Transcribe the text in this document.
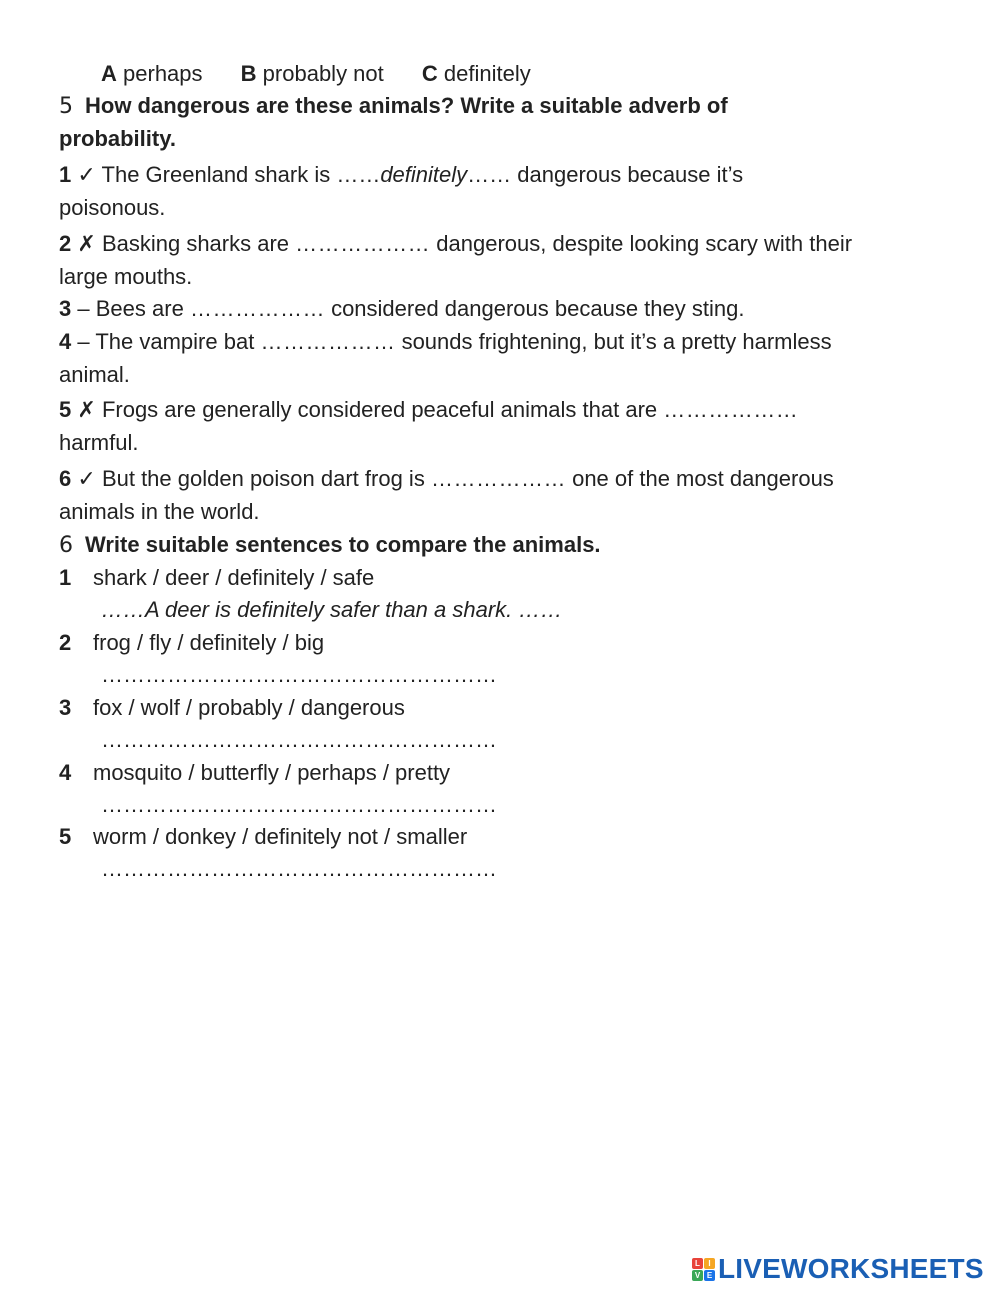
A perhaps B probably not C definitely
5 How dangerous are these animals? Write a suitable adverb of
probability.
1 ✓ The Greenland shark is ……definitely…… dangerous because it’s
poisonous.
2 ✗ Basking sharks are ……………… dangerous, despite looking scary with their
large mouths.
3 – Bees are ……………… considered dangerous because they sting.
4 – The vampire bat ……………… sounds frightening, but it’s a pretty harmless
animal.
5 ✗ Frogs are generally considered peaceful animals that are ………………
harmful.
6 ✓ But the golden poison dart frog is ……………… one of the most dangerous
animals in the world.
6 Write suitable sentences to compare the animals.
1 shark / deer / definitely / safe
……A deer is definitely safer than a shark. ……
2 frog / fly / definitely / big
………………………………………………
3 fox / wolf / probably / dangerous
………………………………………………
4 mosquito / butterfly / perhaps / pretty
………………………………………………
5 worm / donkey / definitely not / smaller
………………………………………………
L	I
V E LIVEWORKSHEETS
